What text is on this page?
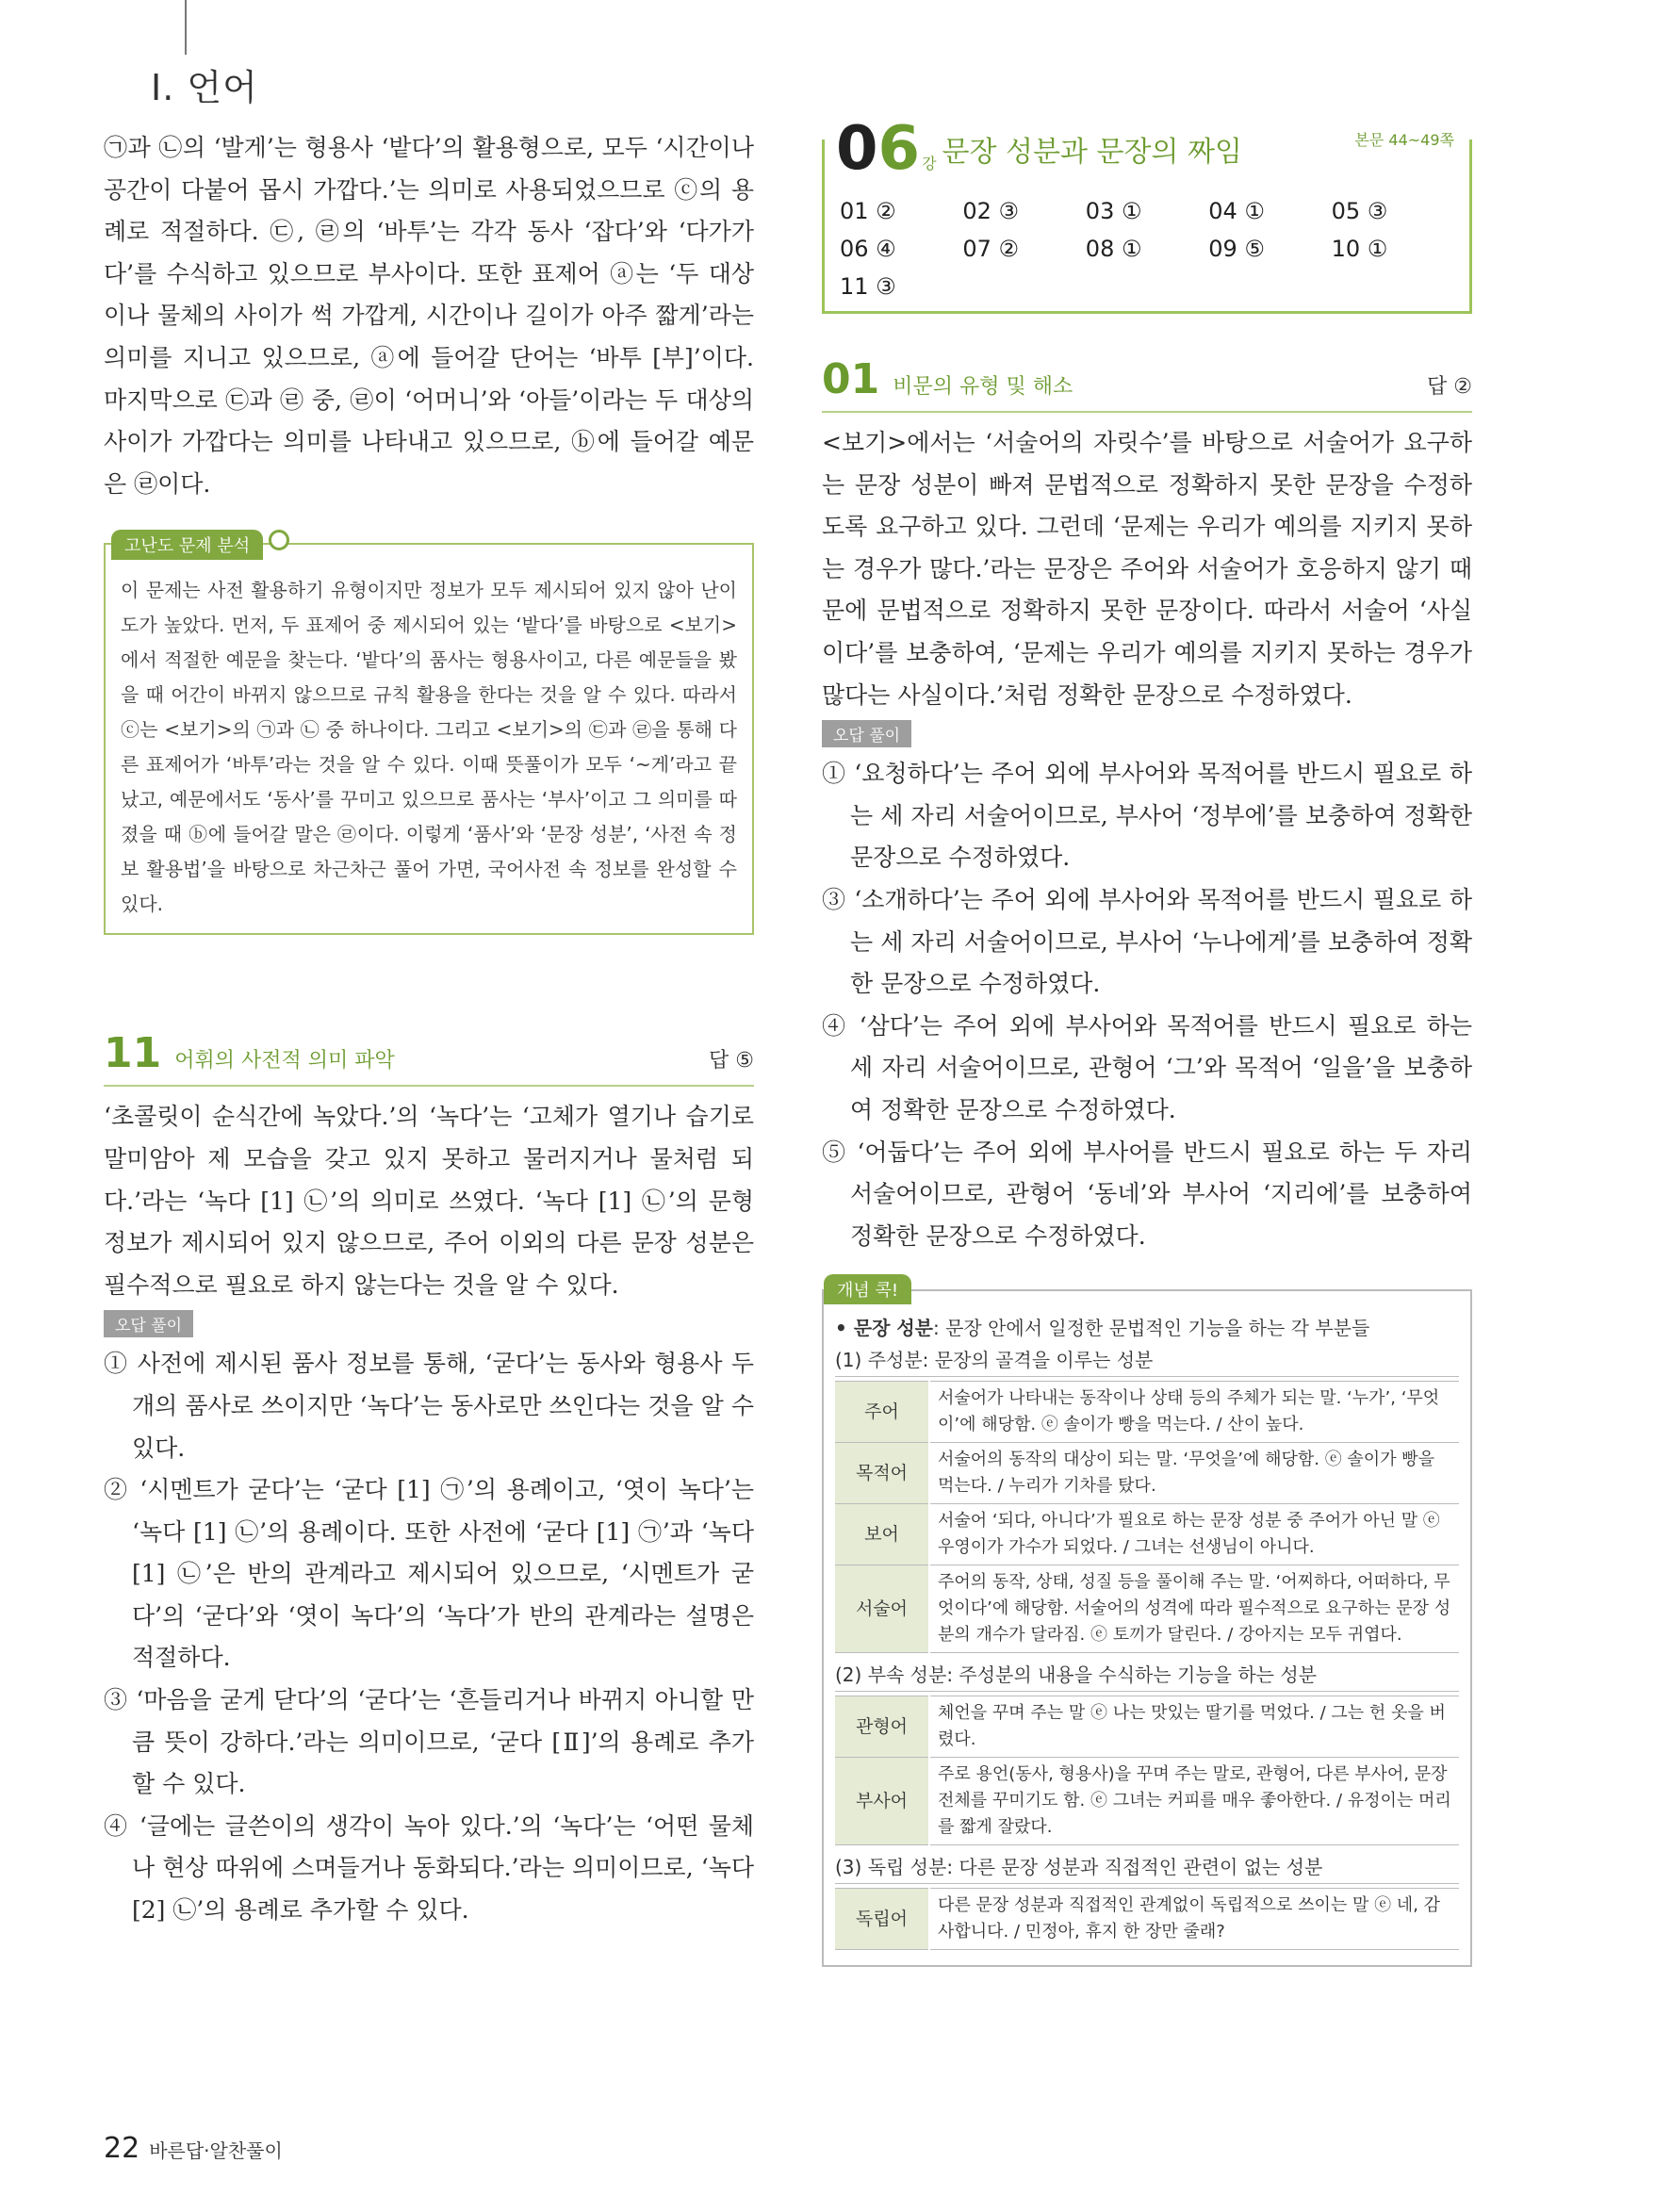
Ⅰ. 언어

㉠과 ㉡의 ‘발게’는 형용사 ‘밭다’의 활용형으로, 모두 ‘시간이나 공간이 다붙어 몹시 가깝다.’는 의미로 사용되었으므로 ⓒ의 용례로 적절하다. ㉢, ㉣의 ‘바투’는 각각 동사 ‘잡다’와 ‘다가가다’를 수식하고 있으므로 부사이다. 또한 표제어 ⓐ는 ‘두 대상이나 물체의 사이가 썩 가깝게, 시간이나 길이가 아주 짧게’라는 의미를 지니고 있으므로, ⓐ에 들어갈 단어는 ‘바투 [부]’이다. 마지막으로 ㉢과 ㉣ 중, ㉣이 ‘어머니’와 ‘아들’이라는 두 대상의 사이가 가깝다는 의미를 나타내고 있으므로, ⓑ에 들어갈 예문은 ㉣이다.

고난도 문제 분석

이 문제는 사전 활용하기 유형이지만 정보가 모두 제시되어 있지 않아 난이도가 높았다. 먼저, 두 표제어 중 제시되어 있는 ‘밭다’를 바탕으로 <보기>에서 적절한 예문을 찾는다. ‘밭다’의 품사는 형용사이고, 다른 예문들을 봤을 때 어간이 바뀌지 않으므로 규칙 활용을 한다는 것을 알 수 있다. 따라서 ⓒ는 <보기>의 ㉠과 ㉡ 중 하나이다. 그리고 <보기>의 ㉢과 ㉣을 통해 다른 표제어가 ‘바투’라는 것을 알 수 있다. 이때 뜻풀이가 모두 ‘~게’라고 끝났고, 예문에서도 ‘동사’를 꾸미고 있으므로 품사는 ‘부사’이고 그 의미를 따졌을 때 ⓑ에 들어갈 말은 ㉣이다. 이렇게 ‘품사’와 ‘문장 성분’, ‘사전 속 정보 활용법’을 바탕으로 차근차근 풀어 가면, 국어사전 속 정보를 완성할 수 있다.

11 어휘의 사전적 의미 파악	답 ⑤

‘초콜릿이 순식간에 녹았다.’의 ‘녹다’는 ‘고체가 열기나 습기로 말미암아 제 모습을 갖고 있지 못하고 물러지거나 물처럼 되다.’라는 ‘녹다 [1] ㉡’의 의미로 쓰였다. ‘녹다 [1] ㉡’의 문형 정보가 제시되어 있지 않으므로, 주어 이외의 다른 문장 성분은 필수적으로 필요로 하지 않는다는 것을 알 수 있다.

오답 풀이

① 사전에 제시된 품사 정보를 통해, ‘굳다’는 동사와 형용사 두 개의 품사로 쓰이지만 ‘녹다’는 동사로만 쓰인다는 것을 알 수 있다.

② ‘시멘트가 굳다’는 ‘굳다 [1] ㉠’의 용례이고, ‘엿이 녹다’는 ‘녹다 [1] ㉡’의 용례이다. 또한 사전에 ‘굳다 [1] ㉠’과 ‘녹다 [1] ㉡’은 반의 관계라고 제시되어 있으므로, ‘시멘트가 굳다’의 ‘굳다’와 ‘엿이 녹다’의 ‘녹다’가 반의 관계라는 설명은 적절하다.

③ ‘마음을 굳게 닫다’의 ‘굳다’는 ‘흔들리거나 바뀌지 아니할 만큼 뜻이 강하다.’라는 의미이므로, ‘굳다 [Ⅱ]’의 용례로 추가할 수 있다.

④ ‘글에는 글쓴이의 생각이 녹아 있다.’의 ‘녹다’는 ‘어떤 물체나 현상 따위에 스며들거나 동화되다.’라는 의미이므로, ‘녹다 [2] ㉡’의 용례로 추가할 수 있다.

06 강 문장 성분과 문장의 짜임	본문 44~49쪽
01 ②	02 ③	03 ①	04 ①	05 ③
06 ④	07 ②	08 ①	09 ⑤	10 ①
11 ③
01 비문의 유형 및 해소	답 ②

<보기>에서는 ‘서술어의 자릿수’를 바탕으로 서술어가 요구하는 문장 성분이 빠져 문법적으로 정확하지 못한 문장을 수정하도록 요구하고 있다. 그런데 ‘문제는 우리가 예의를 지키지 못하는 경우가 많다.’라는 문장은 주어와 서술어가 호응하지 않기 때문에 문법적으로 정확하지 못한 문장이다. 따라서 서술어 ‘사실이다’를 보충하여, ‘문제는 우리가 예의를 지키지 못하는 경우가 많다는 사실이다.’처럼 정확한 문장으로 수정하였다.

오답 풀이

① ‘요청하다’는 주어 외에 부사어와 목적어를 반드시 필요로 하는 세 자리 서술어이므로, 부사어 ‘정부에’를 보충하여 정확한 문장으로 수정하였다.

③ ‘소개하다’는 주어 외에 부사어와 목적어를 반드시 필요로 하는 세 자리 서술어이므로, 부사어 ‘누나에게’를 보충하여 정확한 문장으로 수정하였다.

④ ‘삼다’는 주어 외에 부사어와 목적어를 반드시 필요로 하는 세 자리 서술어이므로, 관형어 ‘그’와 목적어 ‘일을’을 보충하여 정확한 문장으로 수정하였다.

⑤ ‘어둡다’는 주어 외에 부사어를 반드시 필요로 하는 두 자리 서술어이므로, 관형어 ‘동네’와 부사어 ‘지리에’를 보충하여 정확한 문장으로 수정하였다.

개념 콕!

• 문장 성분: 문장 안에서 일정한 문법적인 기능을 하는 각 부분들

(1) 주성분: 문장의 골격을 이루는 성분

주어	서술어가 나타내는 동작이나 상태 등의 주체가 되는 말. ‘누가’, ‘무엇이’에 해당함. ⓔ 솔이가 빵을 먹는다. / 산이 높다.
목적어	서술어의 동작의 대상이 되는 말. ‘무엇을’에 해당함. ⓔ 솔이가 빵을 먹는다. / 누리가 기차를 탔다.
보어	서술어 ‘되다, 아니다’가 필요로 하는 문장 성분 중 주어가 아닌 말 ⓔ 우영이가 가수가 되었다. / 그녀는 선생님이 아니다.
서술어	주어의 동작, 상태, 성질 등을 풀이해 주는 말. ‘어찌하다, 어떠하다, 무엇이다’에 해당함. 서술어의 성격에 따라 필수적으로 요구하는 문장 성분의 개수가 달라짐. ⓔ 토끼가 달린다. / 강아지는 모두 귀엽다.

(2) 부속 성분: 주성분의 내용을 수식하는 기능을 하는 성분

관형어	체언을 꾸며 주는 말 ⓔ 나는 맛있는 딸기를 먹었다. / 그는 헌 옷을 버렸다.
부사어	주로 용언(동사, 형용사)을 꾸며 주는 말로, 관형어, 다른 부사어, 문장 전체를 꾸미기도 함. ⓔ 그녀는 커피를 매우 좋아한다. / 유정이는 머리를 짧게 잘랐다.

(3) 독립 성분: 다른 문장 성분과 직접적인 관련이 없는 성분

독립어	다른 문장 성분과 직접적인 관계없이 독립적으로 쓰이는 말 ⓔ 네, 감사합니다. / 민정아, 휴지 한 장만 줄래?
22 바른답·알찬풀이
